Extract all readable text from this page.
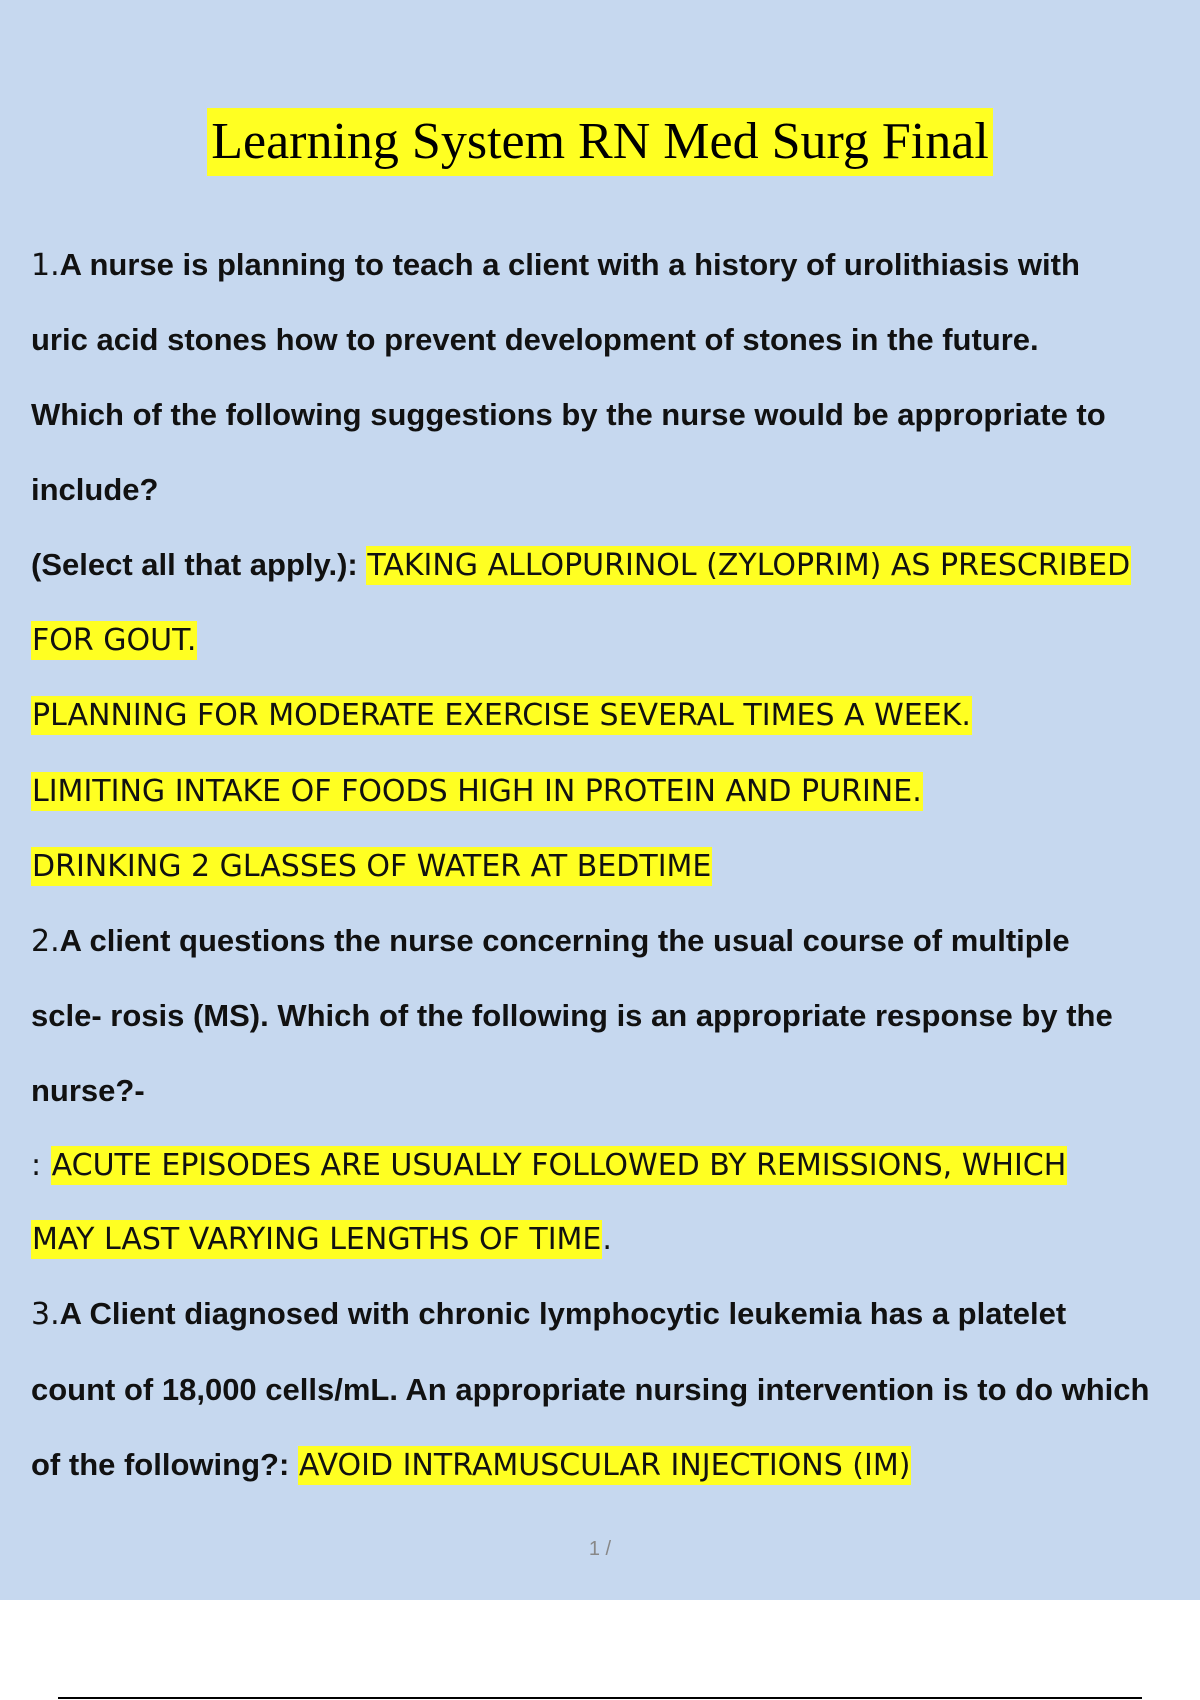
Learning System RN Med Surg Final
1.A nurse is planning to teach a client with a history of urolithiasis with
uric acid stones how to prevent development of stones in the future.
Which of the following suggestions by the nurse would be appropriate to
include?
(Select all that apply.): TAKING ALLOPURINOL (ZYLOPRIM) AS PRESCRIBED
FOR GOUT.
PLANNING FOR MODERATE EXERCISE SEVERAL TIMES A WEEK.
LIMITING INTAKE OF FOODS HIGH IN PROTEIN AND PURINE.
DRINKING 2 GLASSES OF WATER AT BEDTIME
2.A client questions the nurse concerning the usual course of multiple
scle- rosis (MS). Which of the following is an appropriate response by the
nurse?-
: ACUTE EPISODES ARE USUALLY FOLLOWED BY REMISSIONS, WHICH
MAY LAST VARYING LENGTHS OF TIME.
3.A Client diagnosed with chronic lymphocytic leukemia has a platelet
count of 18,000 cells/mL. An appropriate nursing intervention is to do which
of the following?: AVOID INTRAMUSCULAR INJECTIONS (IM)
1 /
